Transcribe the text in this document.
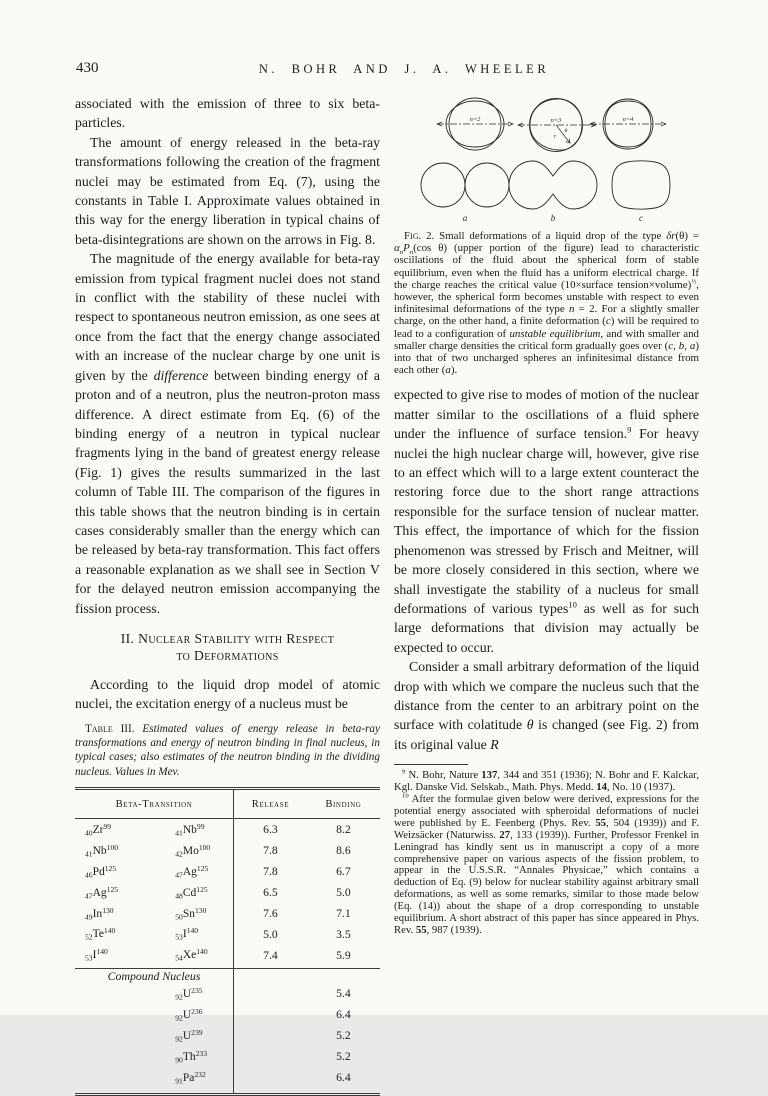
430	N. BOHR AND J. A. WHEELER

associated with the emission of three to six beta-particles.

The amount of energy released in the beta-ray transformations following the creation of the fragment nuclei may be estimated from Eq. (7), using the constants in Table I. Approximate values obtained in this way for the energy liberation in typical chains of beta-disintegrations are shown on the arrows in Fig. 8.

The magnitude of the energy available for beta-ray emission from typical fragment nuclei does not stand in conflict with the stability of these nuclei with respect to spontaneous neutron emission, as one sees at once from the fact that the energy change associated with an increase of the nuclear charge by one unit is given by the difference between binding energy of a proton and of a neutron, plus the neutron-proton mass difference. A direct estimate from Eq. (6) of the binding energy of a neutron in typical nuclear fragments lying in the band of greatest energy release (Fig. 1) gives the results summarized in the last column of Table III. The comparison of the figures in this table shows that the neutron binding is in certain cases considerably smaller than the energy which can be released by beta-ray transformation. This fact offers a reasonable explanation as we shall see in Section V for the delayed neutron emission accompanying the fission process.

II. Nuclear Stability with Respect
to Deformations

According to the liquid drop model of atomic nuclei, the excitation energy of a nucleus must be

Table III. Estimated values of energy release in beta-ray transformations and energy of neutron binding in final nucleus, in typical cases; also estimates of the neutron binding in the dividing nucleus. Values in Mev.

Beta-Transition		Release	Binding
$_{40}Zr^{99}$	$_{41}Nb^{99}$	6.3	8.2
$_{41}Nb^{100}$	$_{42}Mo^{100}$	7.8	8.6
$_{46}Pd^{125}$	$_{47}Ag^{125}$	7.8	6.7
$_{47}Ag^{125}$	$_{48}Cd^{125}$	6.5	5.0
$_{49}In^{130}$	$_{50}Sn^{130}$	7.6	7.1
$_{52}Te^{140}$	$_{53}I^{140}$	5.0	3.5
$_{53}I^{140}$	$_{54}Xe^{140}$	7.4	5.9
Compound Nucleus			
	$_{92}U^{235}$		5.4
	$_{92}U^{236}$		6.4
	$_{92}U^{239}$		5.2
	$_{90}Th^{233}$		5.2
	$_{91}Pa^{232}$		6.4
n=2	n=3
r
θ
n=4
a	b	c

Fig. 2. Small deformations of a liquid drop of the type $\delta r(\theta) = \alpha_nP_n(\cos$ θ) (upper portion of the figure) lead to characteristic oscillations of the fluid about the spherical form of stable equilibrium, even when the fluid has a uniform electrical charge. If the charge reaches the critical value (10×surface tension×volume)$^{\frac{1}{2}}$, however, the spherical form becomes unstable with respect to even infinitesimal deformations of the type n = 2. For a slightly smaller charge, on the other hand, a finite deformation (c) will be required to lead to a configuration of unstable equilibrium, and with smaller and smaller charge densities the critical form gradually goes over (c, b, a) into that of two uncharged spheres an infinitesimal distance from each other (a).

expected to give rise to modes of motion of the nuclear matter similar to the oscillations of a fluid sphere under the influence of surface tension.$^9$ For heavy nuclei the high nuclear charge will, however, give rise to an effect which will to a large extent counteract the restoring force due to the short range attractions responsible for the surface tension of nuclear matter. This effect, the importance of which for the fission phenomenon was stressed by Frisch and Meitner, will be more closely considered in this section, where we shall investigate the stability of a nucleus for small deformations of various types$^{10}$ as well as for such large deformations that division may actually be expected to occur.

Consider a small arbitrary deformation of the liquid drop with which we compare the nucleus such that the distance from the center to an arbitrary point on the surface with colatitude θ is changed (see Fig. 2) from its original value R

$^9$ N. Bohr, Nature 137, 344 and 351 (1936); N. Bohr and F. Kalckar, Kgl. Danske Vid. Selskab., Math. Phys. Medd. 14, No. 10 (1937).

$^{10}$ After the formulae given below were derived, expressions for the potential energy associated with spheroidal deformations of nuclei were published by E. Feenberg (Phys. Rev. 55, 504 (1939)) and F. Weizsäcker (Naturwiss. 27, 133 (1939)). Further, Professor Frenkel in Leningrad has kindly sent us in manuscript a copy of a more comprehensive paper on various aspects of the fission problem, to appear in the U.S.S.R. “Annales Physicae,” which contains a deduction of Eq. (9) below for nuclear stability against arbitrary small deformations, as well as some remarks, similar to those made below (Eq. (14)) about the shape of a drop corresponding to unstable equilibrium. A short abstract of this paper has since appeared in Phys. Rev. 55, 987 (1939).
